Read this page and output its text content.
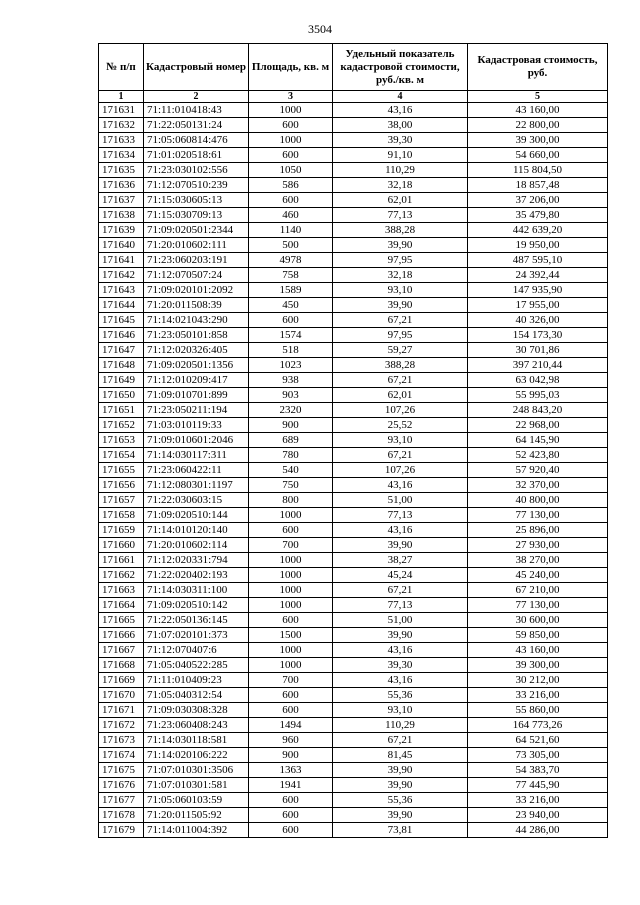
3504
№ п/п	Кадастровый номер	Площадь, кв. м	Удельный показатель кадастровой стоимости, руб./кв. м	Кадастровая стоимость, руб.
1	2	3	4	5
171631	71:11:010418:43	1000	43,16	43 160,00
171632	71:22:050131:24	600	38,00	22 800,00
171633	71:05:060814:476	1000	39,30	39 300,00
171634	71:01:020518:61	600	91,10	54 660,00
171635	71:23:030102:556	1050	110,29	115 804,50
171636	71:12:070510:239	586	32,18	18 857,48
171637	71:15:030605:13	600	62,01	37 206,00
171638	71:15:030709:13	460	77,13	35 479,80
171639	71:09:020501:2344	1140	388,28	442 639,20
171640	71:20:010602:111	500	39,90	19 950,00
171641	71:23:060203:191	4978	97,95	487 595,10
171642	71:12:070507:24	758	32,18	24 392,44
171643	71:09:020101:2092	1589	93,10	147 935,90
171644	71:20:011508:39	450	39,90	17 955,00
171645	71:14:021043:290	600	67,21	40 326,00
171646	71:23:050101:858	1574	97,95	154 173,30
171647	71:12:020326:405	518	59,27	30 701,86
171648	71:09:020501:1356	1023	388,28	397 210,44
171649	71:12:010209:417	938	67,21	63 042,98
171650	71:09:010701:899	903	62,01	55 995,03
171651	71:23:050211:194	2320	107,26	248 843,20
171652	71:03:010119:33	900	25,52	22 968,00
171653	71:09:010601:2046	689	93,10	64 145,90
171654	71:14:030117:311	780	67,21	52 423,80
171655	71:23:060422:11	540	107,26	57 920,40
171656	71:12:080301:1197	750	43,16	32 370,00
171657	71:22:030603:15	800	51,00	40 800,00
171658	71:09:020510:144	1000	77,13	77 130,00
171659	71:14:010120:140	600	43,16	25 896,00
171660	71:20:010602:114	700	39,90	27 930,00
171661	71:12:020331:794	1000	38,27	38 270,00
171662	71:22:020402:193	1000	45,24	45 240,00
171663	71:14:030311:100	1000	67,21	67 210,00
171664	71:09:020510:142	1000	77,13	77 130,00
171665	71:22:050136:145	600	51,00	30 600,00
171666	71:07:020101:373	1500	39,90	59 850,00
171667	71:12:070407:6	1000	43,16	43 160,00
171668	71:05:040522:285	1000	39,30	39 300,00
171669	71:11:010409:23	700	43,16	30 212,00
171670	71:05:040312:54	600	55,36	33 216,00
171671	71:09:030308:328	600	93,10	55 860,00
171672	71:23:060408:243	1494	110,29	164 773,26
171673	71:14:030118:581	960	67,21	64 521,60
171674	71:14:020106:222	900	81,45	73 305,00
171675	71:07:010301:3506	1363	39,90	54 383,70
171676	71:07:010301:581	1941	39,90	77 445,90
171677	71:05:060103:59	600	55,36	33 216,00
171678	71:20:011505:92	600	39,90	23 940,00
171679	71:14:011004:392	600	73,81	44 286,00
